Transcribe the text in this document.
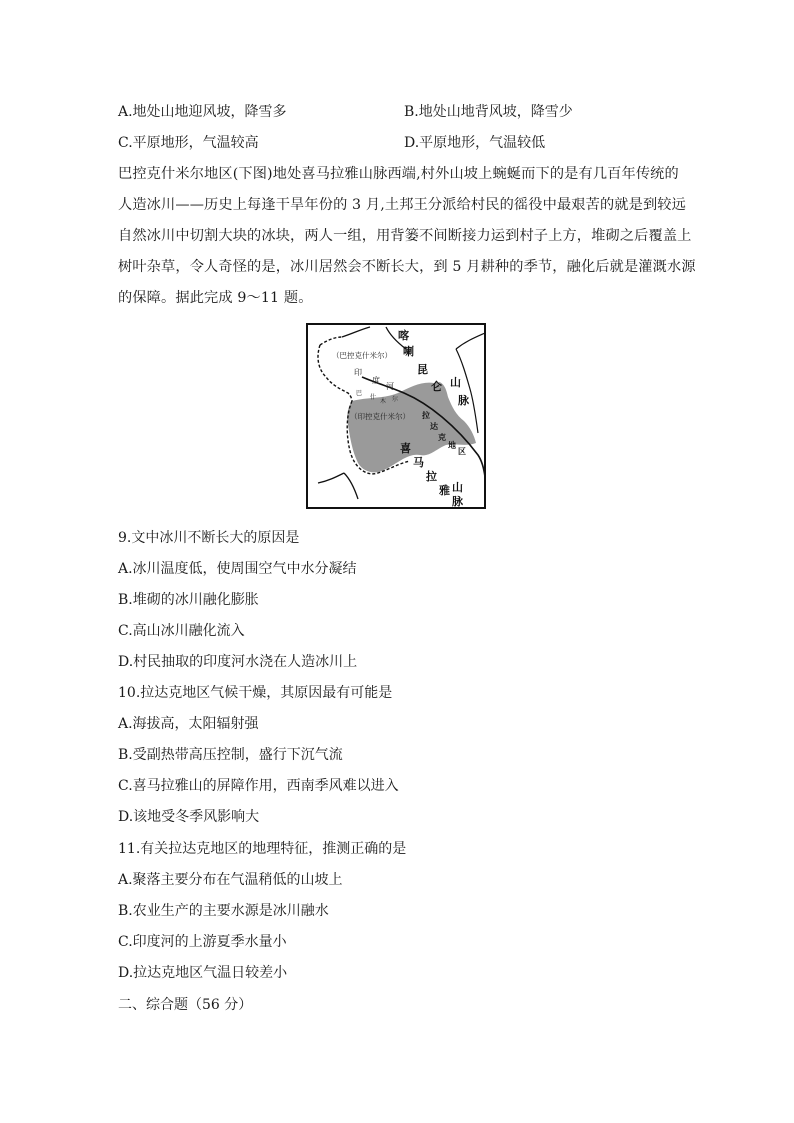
A.地处山地迎风坡，降雪多	B.地处山地背风坡，降雪少
C.平原地形，气温较高	D.平原地形，气温较低
巴控克什米尔地区(下图)地处喜马拉雅山脉西端,村外山坡上蜿蜒而下的是有几百年传统的
人造冰川——历史上每逢干旱年份的 3 月,土邦王分派给村民的徭役中最艰苦的就是到较远
自然冰川中切割大块的冰块，两人一组，用背篓不间断接力运到村子上方，堆砌之后覆盖上
树叶杂草，令人奇怪的是，冰川居然会不断长大，到 5 月耕种的季节，融化后就是灌溉水源
的保障。据此完成 9～11 题。
喀
喇
昆
仑 山
脉
（巴控克什米尔）
（印控克什米尔）
印
度
河
巴
什
木 尔
拉
达
克
地
区
喜
马
拉
雅 山
脉
9.文中冰川不断长大的原因是
A.冰川温度低，使周围空气中水分凝结
B.堆砌的冰川融化膨胀
C.高山冰川融化流入
D.村民抽取的印度河水浇在人造冰川上
10.拉达克地区气候干燥，其原因最有可能是
A.海拔高，太阳辐射强
B.受副热带高压控制，盛行下沉气流
C.喜马拉雅山的屏障作用，西南季风难以进入
D.该地受冬季风影响大
11.有关拉达克地区的地理特征，推测正确的是
A.聚落主要分布在气温稍低的山坡上
B.农业生产的主要水源是冰川融水
C.印度河的上游夏季水量小
D.拉达克地区气温日较差小
二、综合题（56 分）
